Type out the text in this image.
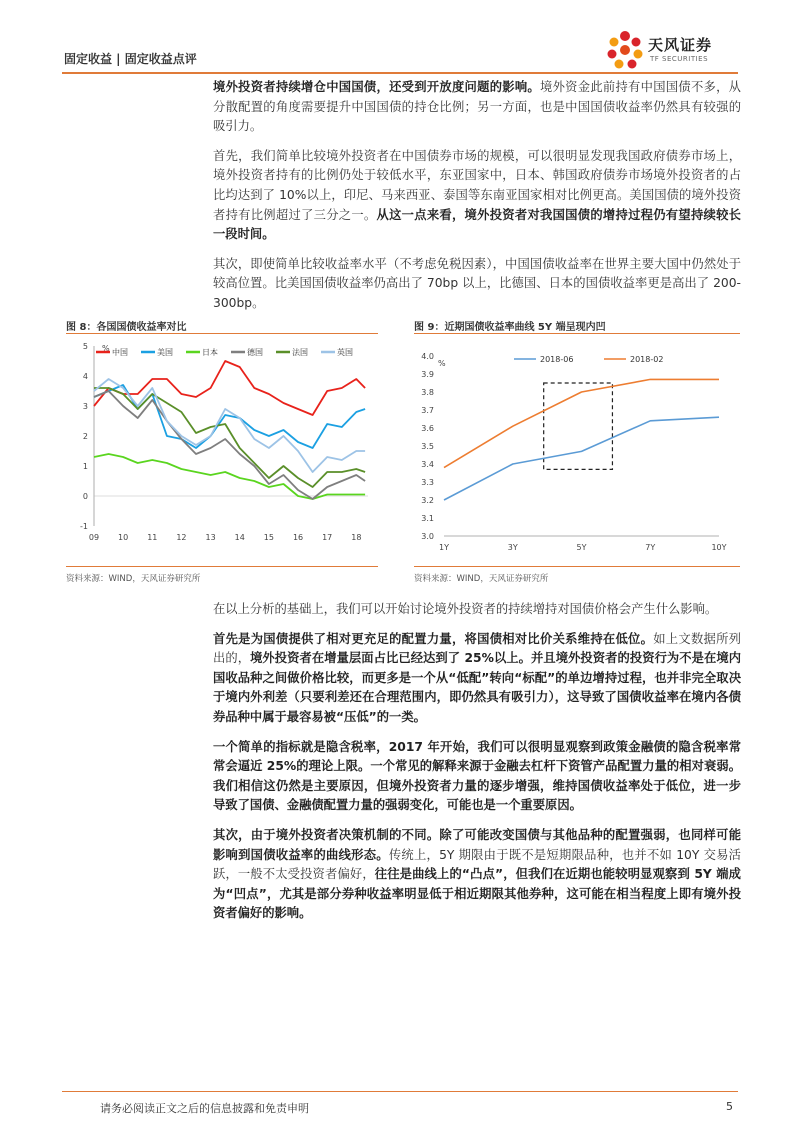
固定收益 | 固定收益点评
天风证券
TF SECURITIES

境外投资者持续增仓中国国债，还受到开放度问题的影响。境外资金此前持有中国国债不多，从分散配置的角度需要提升中国国债的持仓比例；另一方面，也是中国国债收益率仍然具有较强的吸引力。

首先，我们简单比较境外投资者在中国债券市场的规模，可以很明显发现我国政府债券市场上，境外投资者持有的比例仍处于较低水平，东亚国家中，日本、韩国政府债券市场境外投资者的占比均达到了 10%以上，印尼、马来西亚、泰国等东南亚国家相对比例更高。美国国债的境外投资者持有比例超过了三分之一。从这一点来看，境外投资者对我国国债的增持过程仍有望持续较长一段时间。

其次，即使简单比较收益率水平（不考虑免税因素），中国国债收益率在世界主要大国中仍然处于较高位置。比美国国债收益率仍高出了 70bp 以上，比德国、日本的国债收益率更是高出了 200-300bp。

图 8：各国国债收益率对比
5
4
3
2
1
0
-1
%
09 10 11 12 13 14 15 16 17 18
中国	美国	日本	德国	法国	英国
资料来源：WIND，天风证券研究所
图 9：近期国债收益率曲线 5Y 端呈现内凹
4.0
3.9
3.8
3.7
3.6
3.5
3.4
3.3
3.2
3.1
3.0
%
1Y	3Y	5Y	7Y	10Y
2018-06	2018-02
资料来源：WIND，天风证券研究所

在以上分析的基础上，我们可以开始讨论境外投资者的持续增持对国债价格会产生什么影响。

首先是为国债提供了相对更充足的配置力量，将国债相对比价关系维持在低位。如上文数据所列出的，境外投资者在增量层面占比已经达到了 25%以上。并且境外投资者的投资行为不是在境内国收品种之间做价格比较，而更多是一个从“低配”转向“标配”的单边增持过程，也并非完全取决于境内外利差（只要利差还在合理范围内，即仍然具有吸引力），这导致了国债收益率在境内各债券品种中属于最容易被“压低”的一类。

一个简单的指标就是隐含税率，2017 年开始，我们可以很明显观察到政策金融债的隐含税率常常会逼近 25%的理论上限。一个常见的解释来源于金融去杠杆下资管产品配置力量的相对衰弱。我们相信这仍然是主要原因，但境外投资者力量的逐步增强，维持国债收益率处于低位，进一步导致了国债、金融债配置力量的强弱变化，可能也是一个重要原因。

其次，由于境外投资者决策机制的不同。除了可能改变国债与其他品种的配置强弱，也同样可能影响到国债收益率的曲线形态。传统上，5Y 期限由于既不是短期限品种，也并不如 10Y 交易活跃，一般不太受投资者偏好，往往是曲线上的“凸点”，但我们在近期也能较明显观察到 5Y 端成为“凹点”，尤其是部分券种收益率明显低于相近期限其他券种，这可能在相当程度上即有境外投资者偏好的影响。

请务必阅读正文之后的信息披露和免责申明	5
